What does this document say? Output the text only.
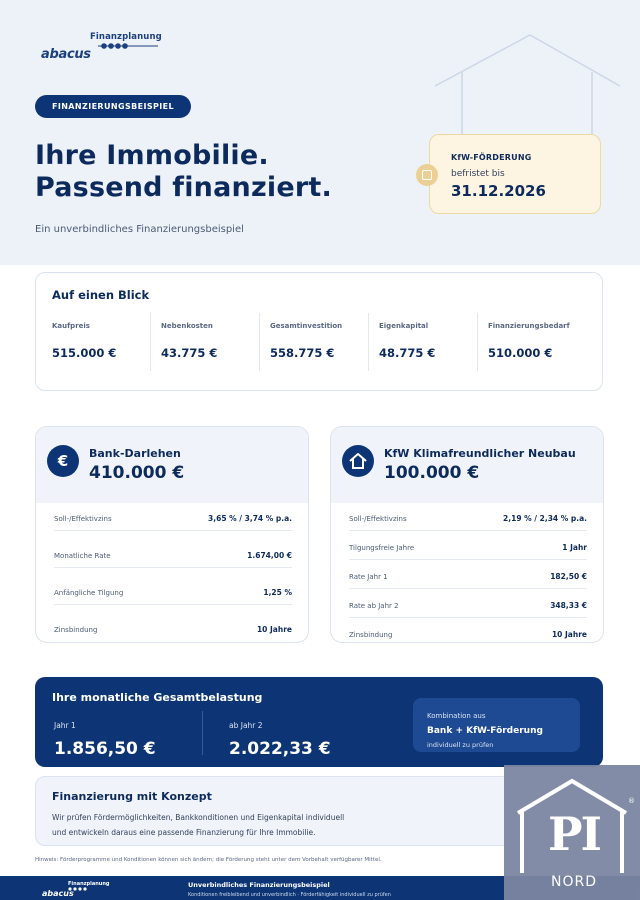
Finanzplanung
abacus
FINANZIERUNGSBEISPIEL
Ihre Immobilie.
Passend finanziert.
Ein unverbindliches Finanzierungsbeispiel
KfW-FÖRDERUNG
befristet bis
31.12.2026
Auf einen Blick
Kaufpreis
515.000 €
Nebenkosten
43.775 €
Gesamtinvestition
558.775 €
Eigenkapital
48.775 €
Finanzierungsbedarf
510.000 €
€	Bank-Darlehen
410.000 €
Soll-/Effektivzins	3,65 % / 3,74 % p.a.
Monatliche Rate	1.674,00 €
Anfängliche Tilgung	1,25 %
Zinsbindung	10 Jahre
KfW Klimafreundlicher Neubau
100.000 €
Soll-/Effektivzins	2,19 % / 2,34 % p.a.
Tilgungsfreie Jahre	1 Jahr
Rate Jahr 1	182,50 €
Rate ab Jahr 2	348,33 €
Zinsbindung	10 Jahre
Ihre monatliche Gesamtbelastung
Jahr 1
1.856,50 €
ab Jahr 2
2.022,33 €
Kombination aus
Bank + KfW-Förderung
individuell zu prüfen
Finanzierung mit Konzept
Wir prüfen Fördermöglichkeiten, Bankkonditionen und Eigenkapital individuell
und entwickeln daraus eine passende Finanzierung für Ihre Immobilie.
Hinweis: Förderprogramme und Konditionen können sich ändern; die Förderung steht unter dem Vorbehalt verfügbarer Mittel.
Finanzplanung
abacus
Unverbindliches Finanzierungsbeispiel
Konditionen freibleibend und unverbindlich · Förderfähigkeit individuell zu prüfen
®
PI
NORD
